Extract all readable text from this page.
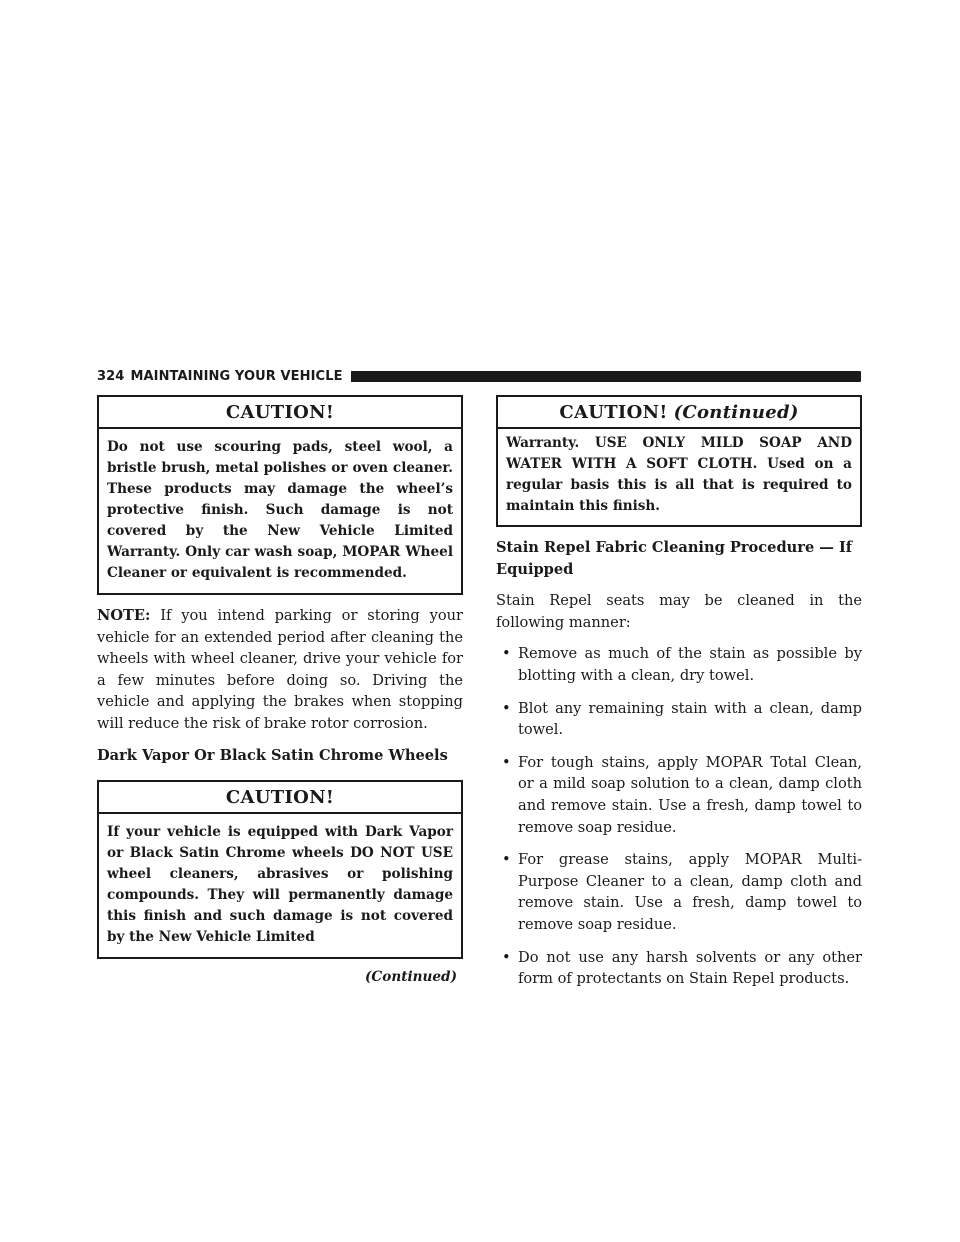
324 MAINTAINING YOUR VEHICLE
CAUTION!
Do not use scouring pads, steel wool, a bristle brush, metal polishes or oven cleaner. These products may damage the wheel’s protective finish. Such damage is not covered by the New Vehicle Limited Warranty. Only car wash soap, MOPAR Wheel Cleaner or equivalent is recommended.

NOTE: If you intend parking or storing your vehicle for an extended period after cleaning the wheels with wheel cleaner, drive your vehicle for a few minutes before doing so. Driving the vehicle and applying the brakes when stopping will reduce the risk of brake rotor corrosion.

Dark Vapor Or Black Satin Chrome Wheels
CAUTION!
If your vehicle is equipped with Dark Vapor or Black Satin Chrome wheels DO NOT USE wheel cleaners, abrasives or polishing compounds. They will permanently damage this finish and such damage is not covered by the New Vehicle Limited
(Continued)
CAUTION! (Continued)
Warranty. USE ONLY MILD SOAP AND WATER WITH A SOFT CLOTH. Used on a regular basis this is all that is required to maintain this finish.
Stain Repel Fabric Cleaning Procedure — If Equipped

Stain Repel seats may be cleaned in the following manner:

• Remove as much of the stain as possible by blotting with a clean, dry towel.
• Blot any remaining stain with a clean, damp towel.
• For tough stains, apply MOPAR Total Clean, or a mild soap solution to a clean, damp cloth and remove stain. Use a fresh, damp towel to remove soap residue.
• For grease stains, apply MOPAR Multi-Purpose Cleaner to a clean, damp cloth and remove stain. Use a fresh, damp towel to remove soap residue.
• Do not use any harsh solvents or any other form of protectants on Stain Repel products.
